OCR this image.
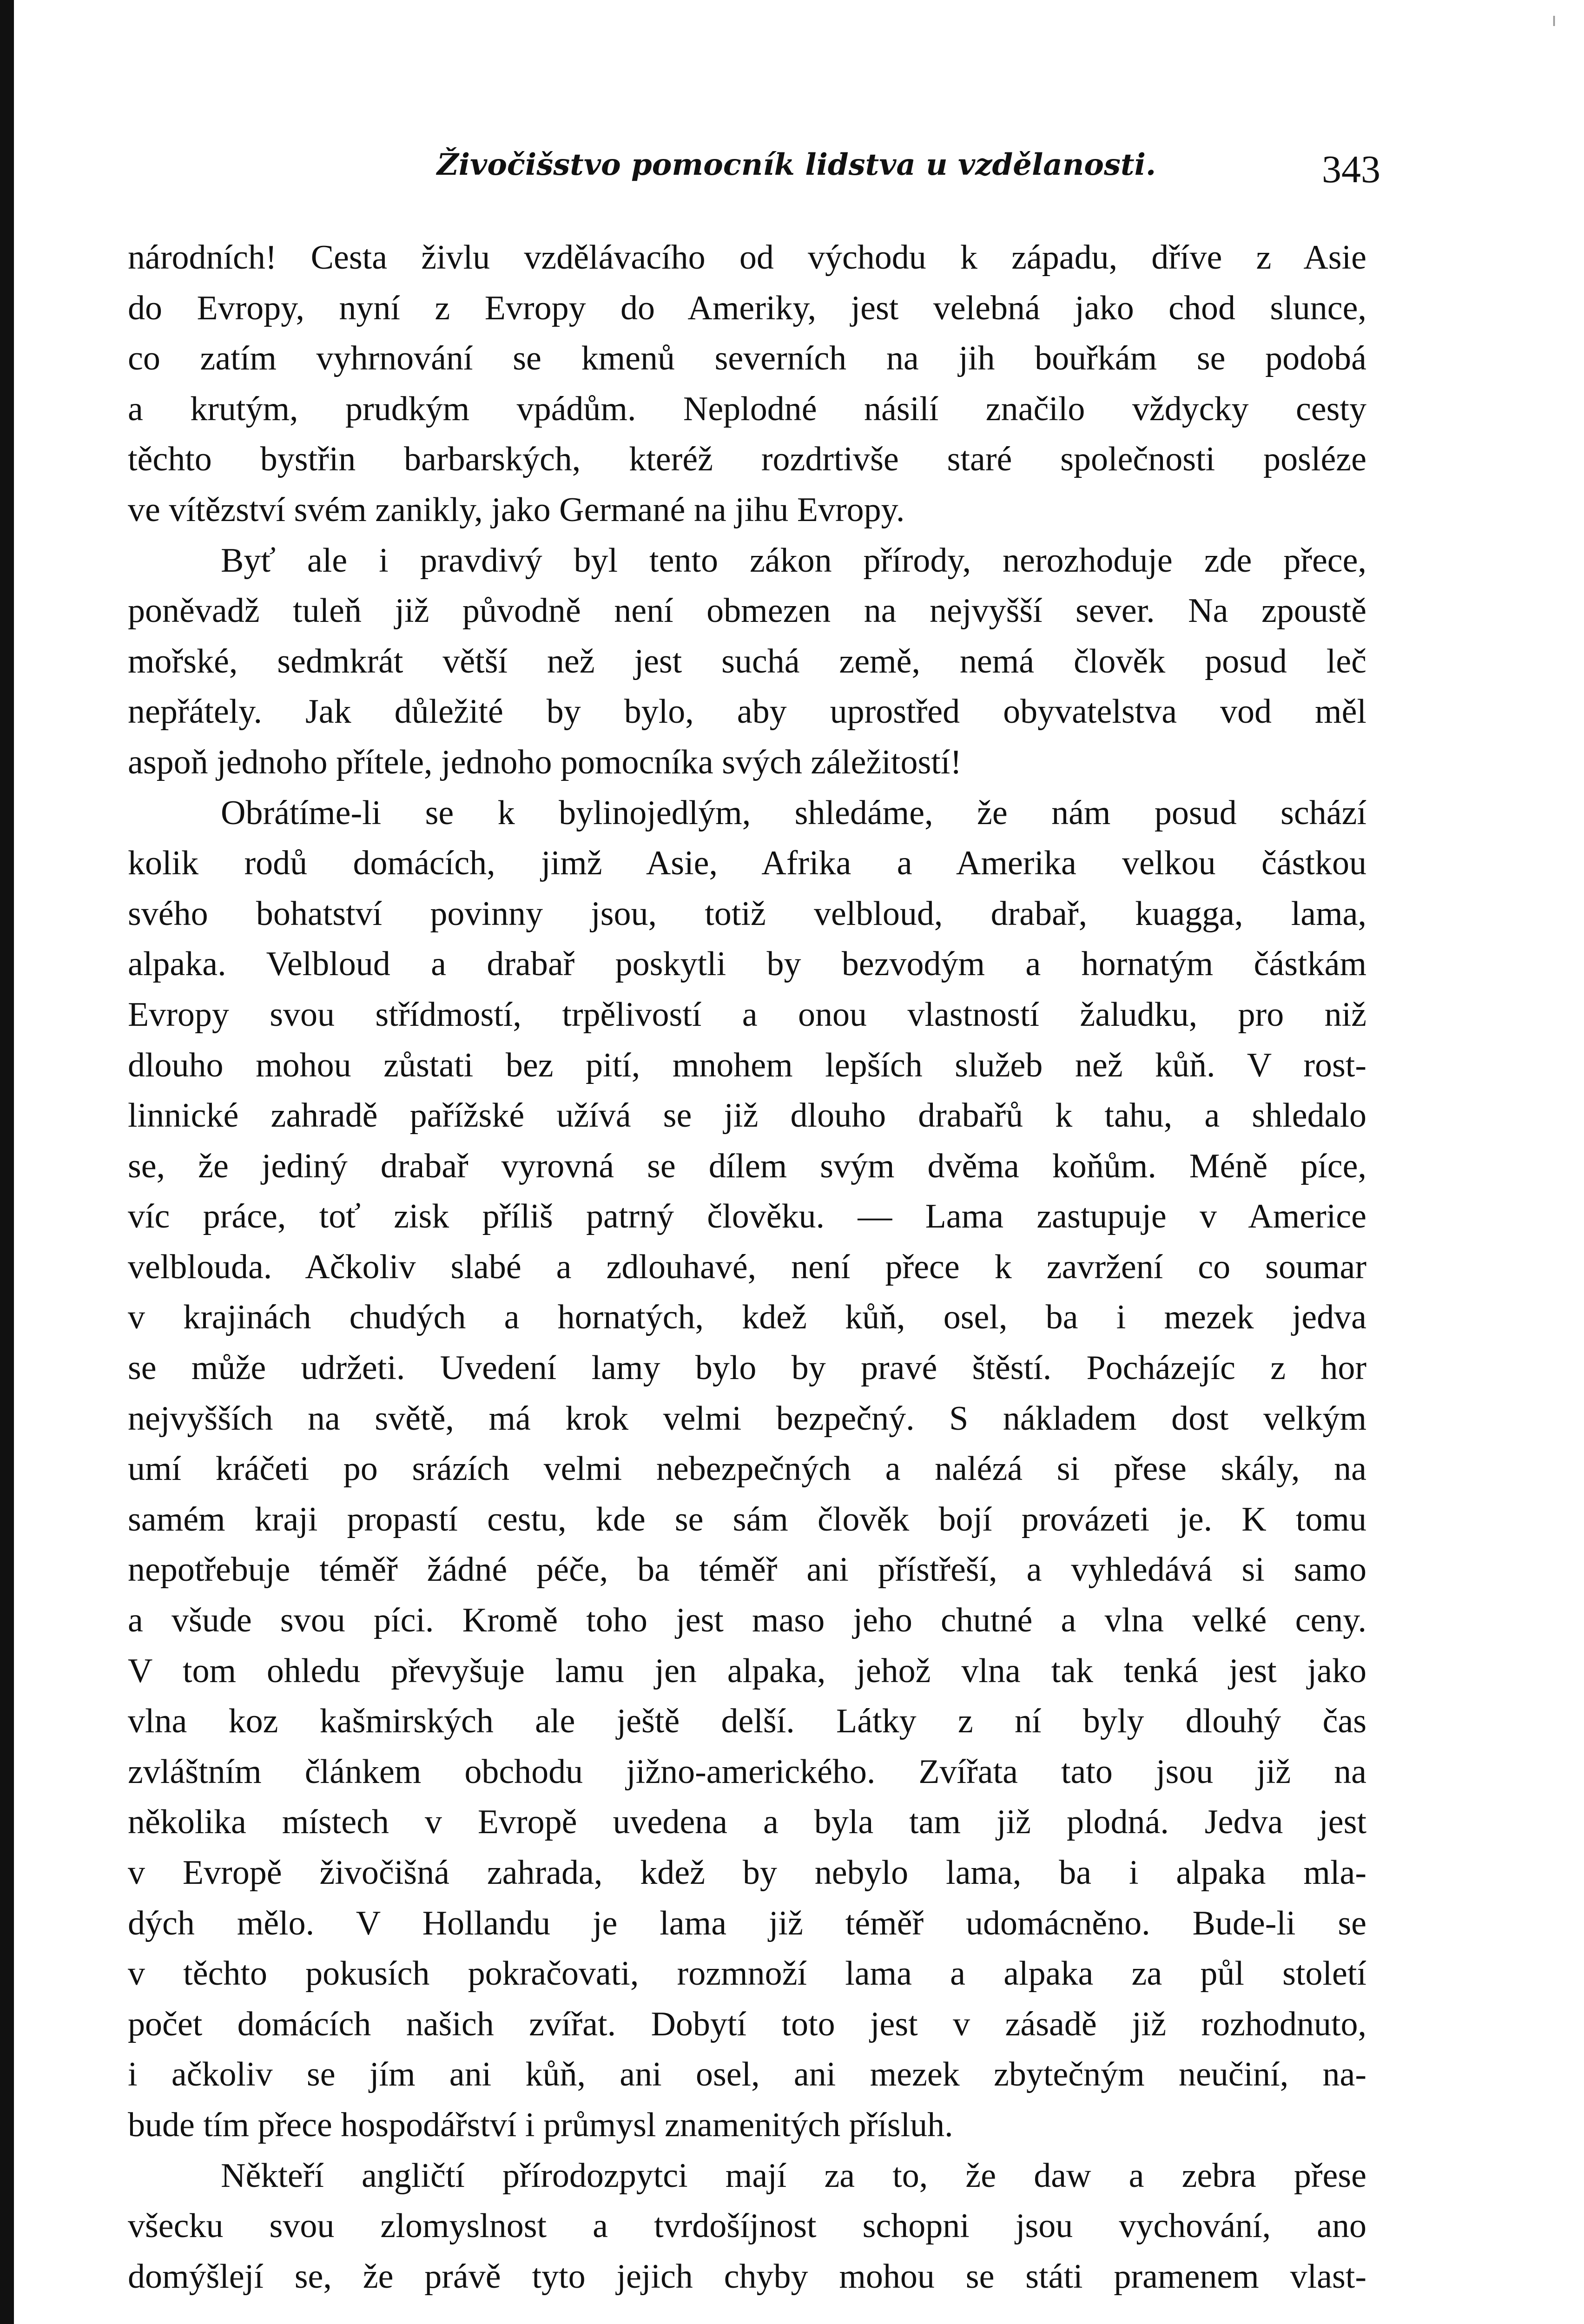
ı
Živočišstvo pomocník lidstva u vzdělanosti.	343
národních! Cesta živlu vzdělávacího od východu k západu, dříve z Asie
do Evropy, nyní z Evropy do Ameriky, jest velebná jako chod slunce,
co zatím vyhrnování se kmenů severních na jih bouřkám se podobá
a krutým, prudkým vpádům. Neplodné násilí značilo vždycky cesty
těchto bystřin barbarských, kteréž rozdrtivše staré společnosti posléze
ve vítězství svém zanikly, jako Germané na jihu Evropy.
Byť ale i pravdivý byl tento zákon přírody, nerozhoduje zde přece,
poněvadž tuleň již původně není obmezen na nejvyšší sever. Na zpoustě
mořské, sedmkrát větší než jest suchá země, nemá člověk posud leč
nepřátely. Jak důležité by bylo, aby uprostřed obyvatelstva vod měl
aspoň jednoho přítele, jednoho pomocníka svých záležitostí!
Obrátíme-li se k bylinojedlým, shledáme, že nám posud schází
kolik rodů domácích, jimž Asie, Afrika a Amerika velkou částkou
svého bohatství povinny jsou, totiž velbloud, drabař, kuagga, lama,
alpaka. Velbloud a drabař poskytli by bezvodým a hornatým částkám
Evropy svou střídmostí, trpělivostí a onou vlastností žaludku, pro niž
dlouho mohou zůstati bez pití, mnohem lepších služeb než kůň. V rost-
linnické zahradě pařížské užívá se již dlouho drabařů k tahu, a shledalo
se, že jediný drabař vyrovná se dílem svým dvěma koňům. Méně píce,
víc práce, toť zisk příliš patrný člověku. — Lama zastupuje v Americe
velblouda. Ačkoliv slabé a zdlouhavé, není přece k zavržení co soumar
v krajinách chudých a hornatých, kdež kůň, osel, ba i mezek jedva
se může udržeti. Uvedení lamy bylo by pravé štěstí. Pocházejíc z hor
nejvyšších na světě, má krok velmi bezpečný. S nákladem dost velkým
umí kráčeti po srázích velmi nebezpečných a nalézá si přese skály, na
samém kraji propastí cestu, kde se sám člověk bojí provázeti je. K tomu
nepotřebuje téměř žádné péče, ba téměř ani přístřeší, a vyhledává si samo
a všude svou píci. Kromě toho jest maso jeho chutné a vlna velké ceny.
V tom ohledu převyšuje lamu jen alpaka, jehož vlna tak tenká jest jako
vlna koz kašmirských ale ještě delší. Látky z ní byly dlouhý čas
zvláštním článkem obchodu jižno-amerického. Zvířata tato jsou již na
několika místech v Evropě uvedena a byla tam již plodná. Jedva jest
v Evropě živočišná zahrada, kdež by nebylo lama, ba i alpaka mla-
dých mělo. V Hollandu je lama již téměř udomácněno. Bude-li se
v těchto pokusích pokračovati, rozmnoží lama a alpaka za půl století
počet domácích našich zvířat. Dobytí toto jest v zásadě již rozhodnuto,
i ačkoliv se jím ani kůň, ani osel, ani mezek zbytečným neučiní, na-
bude tím přece hospodářství i průmysl znamenitých přísluh.
Někteří angličtí přírodozpytci mají za to, že daw a zebra přese
všecku svou zlomyslnost a tvrdošíjnost schopni jsou vychování, ano
domýšlejí se, že právě tyto jejich chyby mohou se státi pramenem vlast-
